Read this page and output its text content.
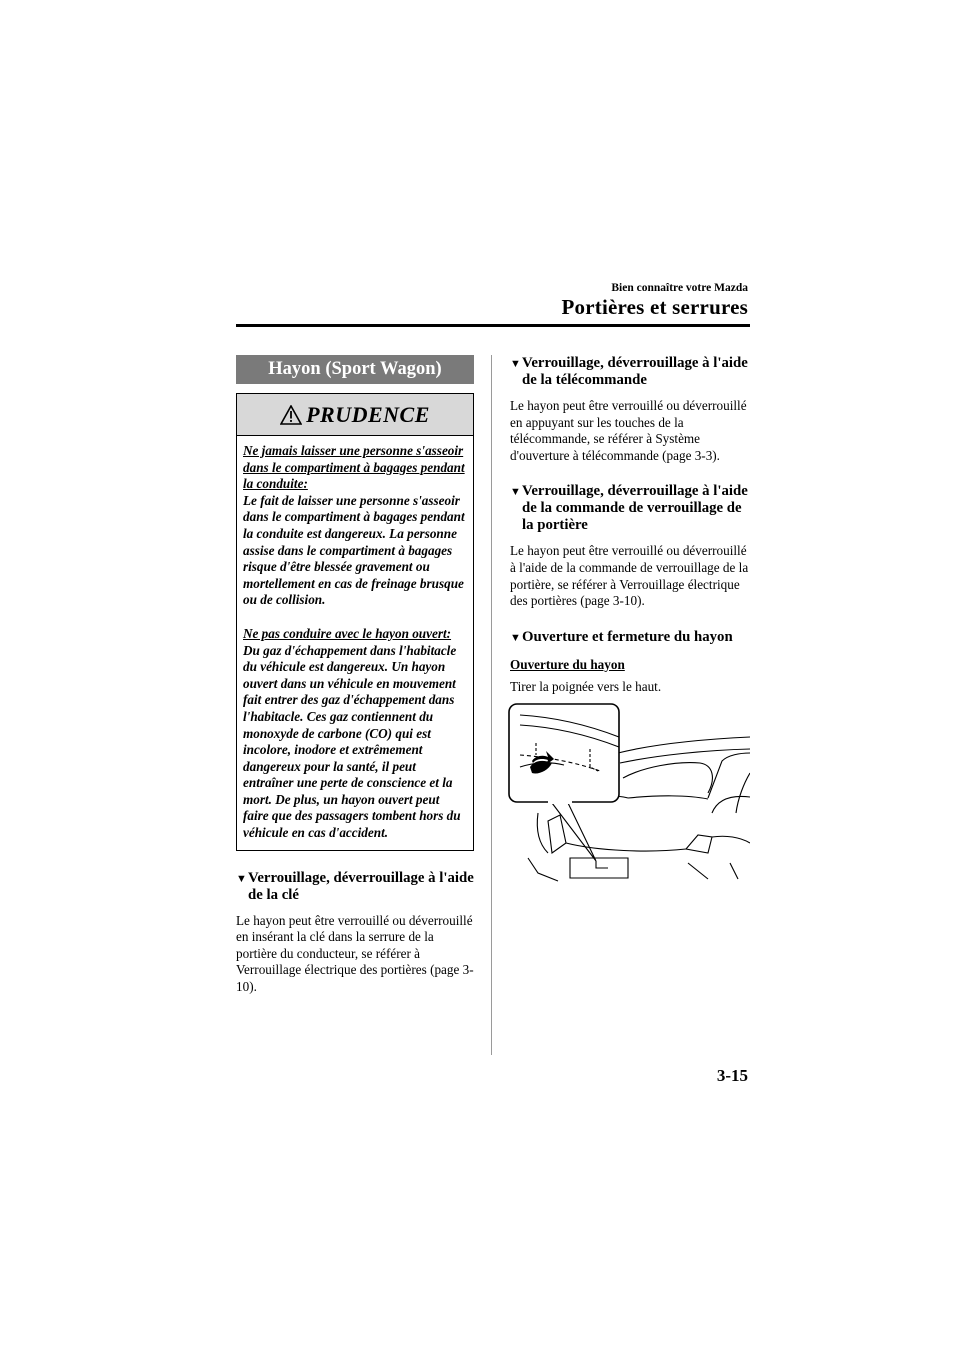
Bien connaître votre Mazda
Portières et serrures
Hayon (Sport Wagon)
PRUDENCE

Ne jamais laisser une personne s'asseoir dans le compartiment à bagages pendant la conduite:

Le fait de laisser une personne s'asseoir dans le compartiment à bagages pendant la conduite est dangereux. La personne assise dans le compartiment à bagages risque d'être blessée gravement ou mortellement en cas de freinage brusque ou de collision.

Ne pas conduire avec le hayon ouvert:

Du gaz d'échappement dans l'habitacle du véhicule est dangereux. Un hayon ouvert dans un véhicule en mouvement fait entrer des gaz d'échappement dans l'habitacle. Ces gaz contiennent du monoxyde de carbone (CO) qui est incolore, inodore et extrêmement dangereux pour la santé, il peut entraîner une perte de conscience et la mort. De plus, un hayon ouvert peut faire que des passagers tombent hors du véhicule en cas d'accident.

▼ Verrouillage, déverrouillage à l'aide de la clé

Le hayon peut être verrouillé ou déverrouillé en insérant la clé dans la serrure de la portière du conducteur, se référer à Verrouillage électrique des portières (page 3-10).

▼ Verrouillage, déverrouillage à l'aide de la télécommande

Le hayon peut être verrouillé ou déverrouillé en appuyant sur les touches de la télécommande, se référer à Système d'ouverture à télécommande (page 3-3).

▼ Verrouillage, déverrouillage à l'aide de la commande de verrouillage de la portière

Le hayon peut être verrouillé ou déverrouillé à l'aide de la commande de verrouillage de la portière, se référer à Verrouillage électrique des portières (page 3-10).

▼ Ouverture et fermeture du hayon

Ouverture du hayon

Tirer la poignée vers le haut.

3-15
